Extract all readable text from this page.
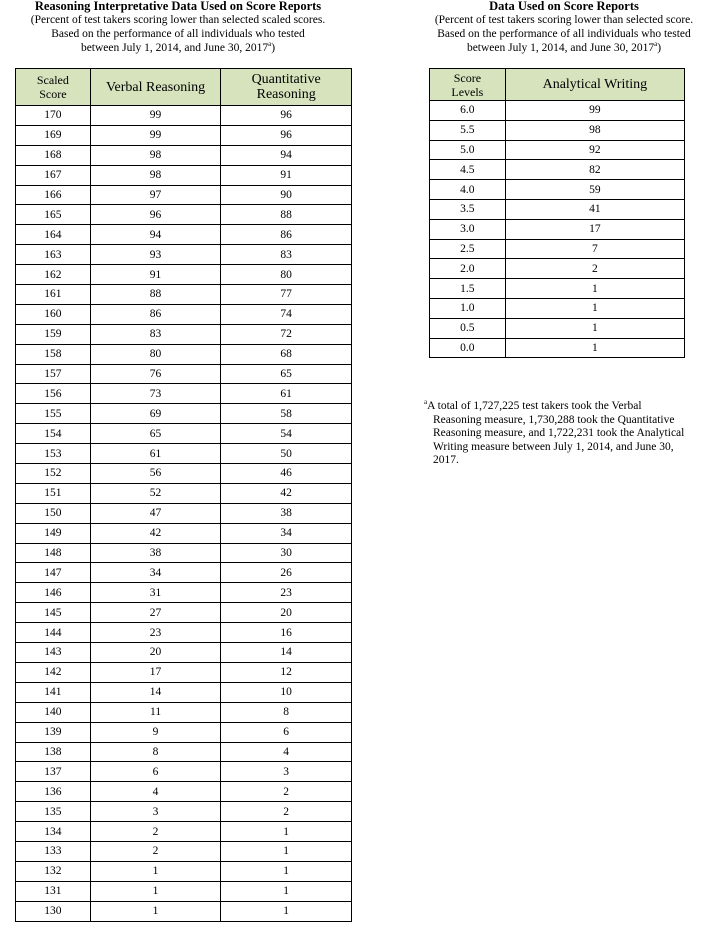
Reasoning Interpretative Data Used on Score Reports
(Percent of test takers scoring lower than selected scaled scores.
Based on the performance of all individuals who tested
between July 1, 2014, and June 30, 2017$^a$)
Data Used on Score Reports
(Percent of test takers scoring lower than selected score.
Based on the performance of all individuals who tested
between July 1, 2014, and June 30, 2017$^a$)
Scaled
Score	Verbal Reasoning	Quantitative
Reasoning
170	99	96
169	99	96
168	98	94
167	98	91
166	97	90
165	96	88
164	94	86
163	93	83
162	91	80
161	88	77
160	86	74
159	83	72
158	80	68
157	76	65
156	73	61
155	69	58
154	65	54
153	61	50
152	56	46
151	52	42
150	47	38
149	42	34
148	38	30
147	34	26
146	31	23
145	27	20
144	23	16
143	20	14
142	17	12
141	14	10
140	11	8
139	9	6
138	8	4
137	6	3
136	4	2
135	3	2
134	2	1
133	2	1
132	1	1
131	1	1
130	1	1
Score
Levels	Analytical Writing
6.0	99
5.5	98
5.0	92
4.5	82
4.0	59
3.5	41
3.0	17
2.5	7
2.0	2
1.5	1
1.0	1
0.5	1
0.0	1
$^a$A total of 1,727,225 test takers took the Verbal
Reasoning measure, 1,730,288 took the Quantitative
Reasoning measure, and 1,722,231 took the Analytical
Writing measure between July 1, 2014, and June 30,
2017.
